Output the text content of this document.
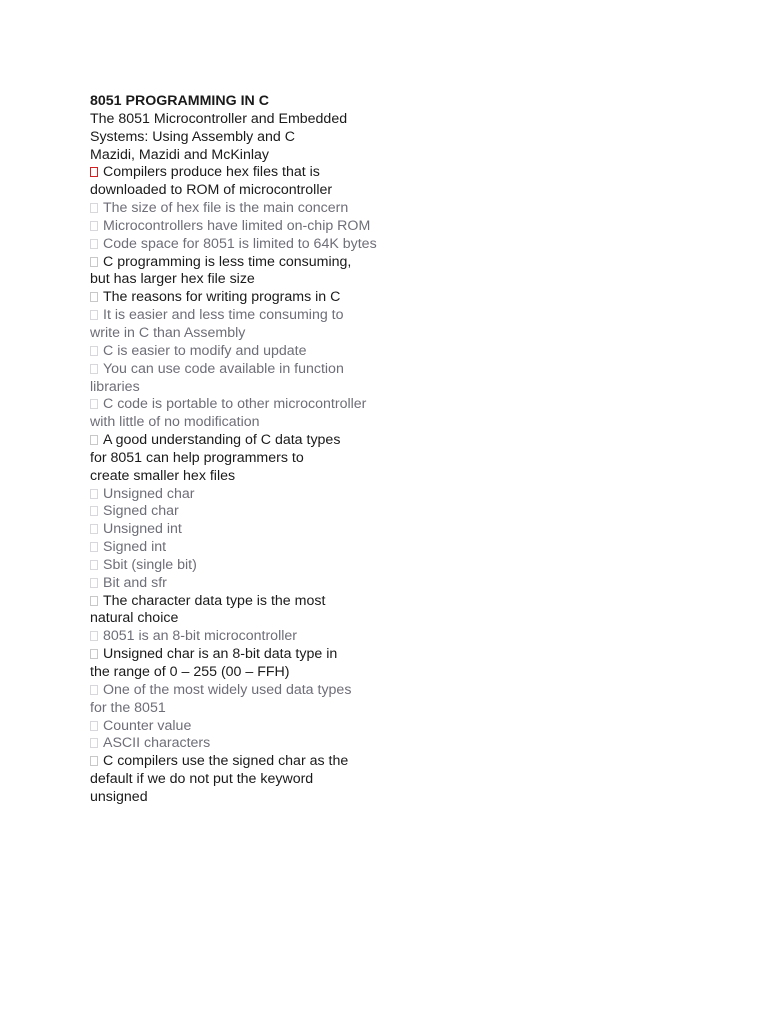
8051 PROGRAMMING IN C
The 8051 Microcontroller and Embedded
Systems: Using Assembly and C
Mazidi, Mazidi and McKinlay
Compilers produce hex files that is
downloaded to ROM of microcontroller
The size of hex file is the main concern
Microcontrollers have limited on-chip ROM
Code space for 8051 is limited to 64K bytes
C programming is less time consuming,
but has larger hex file size
The reasons for writing programs in C
It is easier and less time consuming to
write in C than Assembly
C is easier to modify and update
You can use code available in function
libraries
C code is portable to other microcontroller
with little of no modification
A good understanding of C data types
for 8051 can help programmers to
create smaller hex files
Unsigned char
Signed char
Unsigned int
Signed int
Sbit (single bit)
Bit and sfr
The character data type is the most
natural choice
8051 is an 8-bit microcontroller
Unsigned char is an 8-bit data type in
the range of 0 – 255 (00 – FFH)
One of the most widely used data types
for the 8051
Counter value
ASCII characters
C compilers use the signed char as the
default if we do not put the keyword
unsigned
